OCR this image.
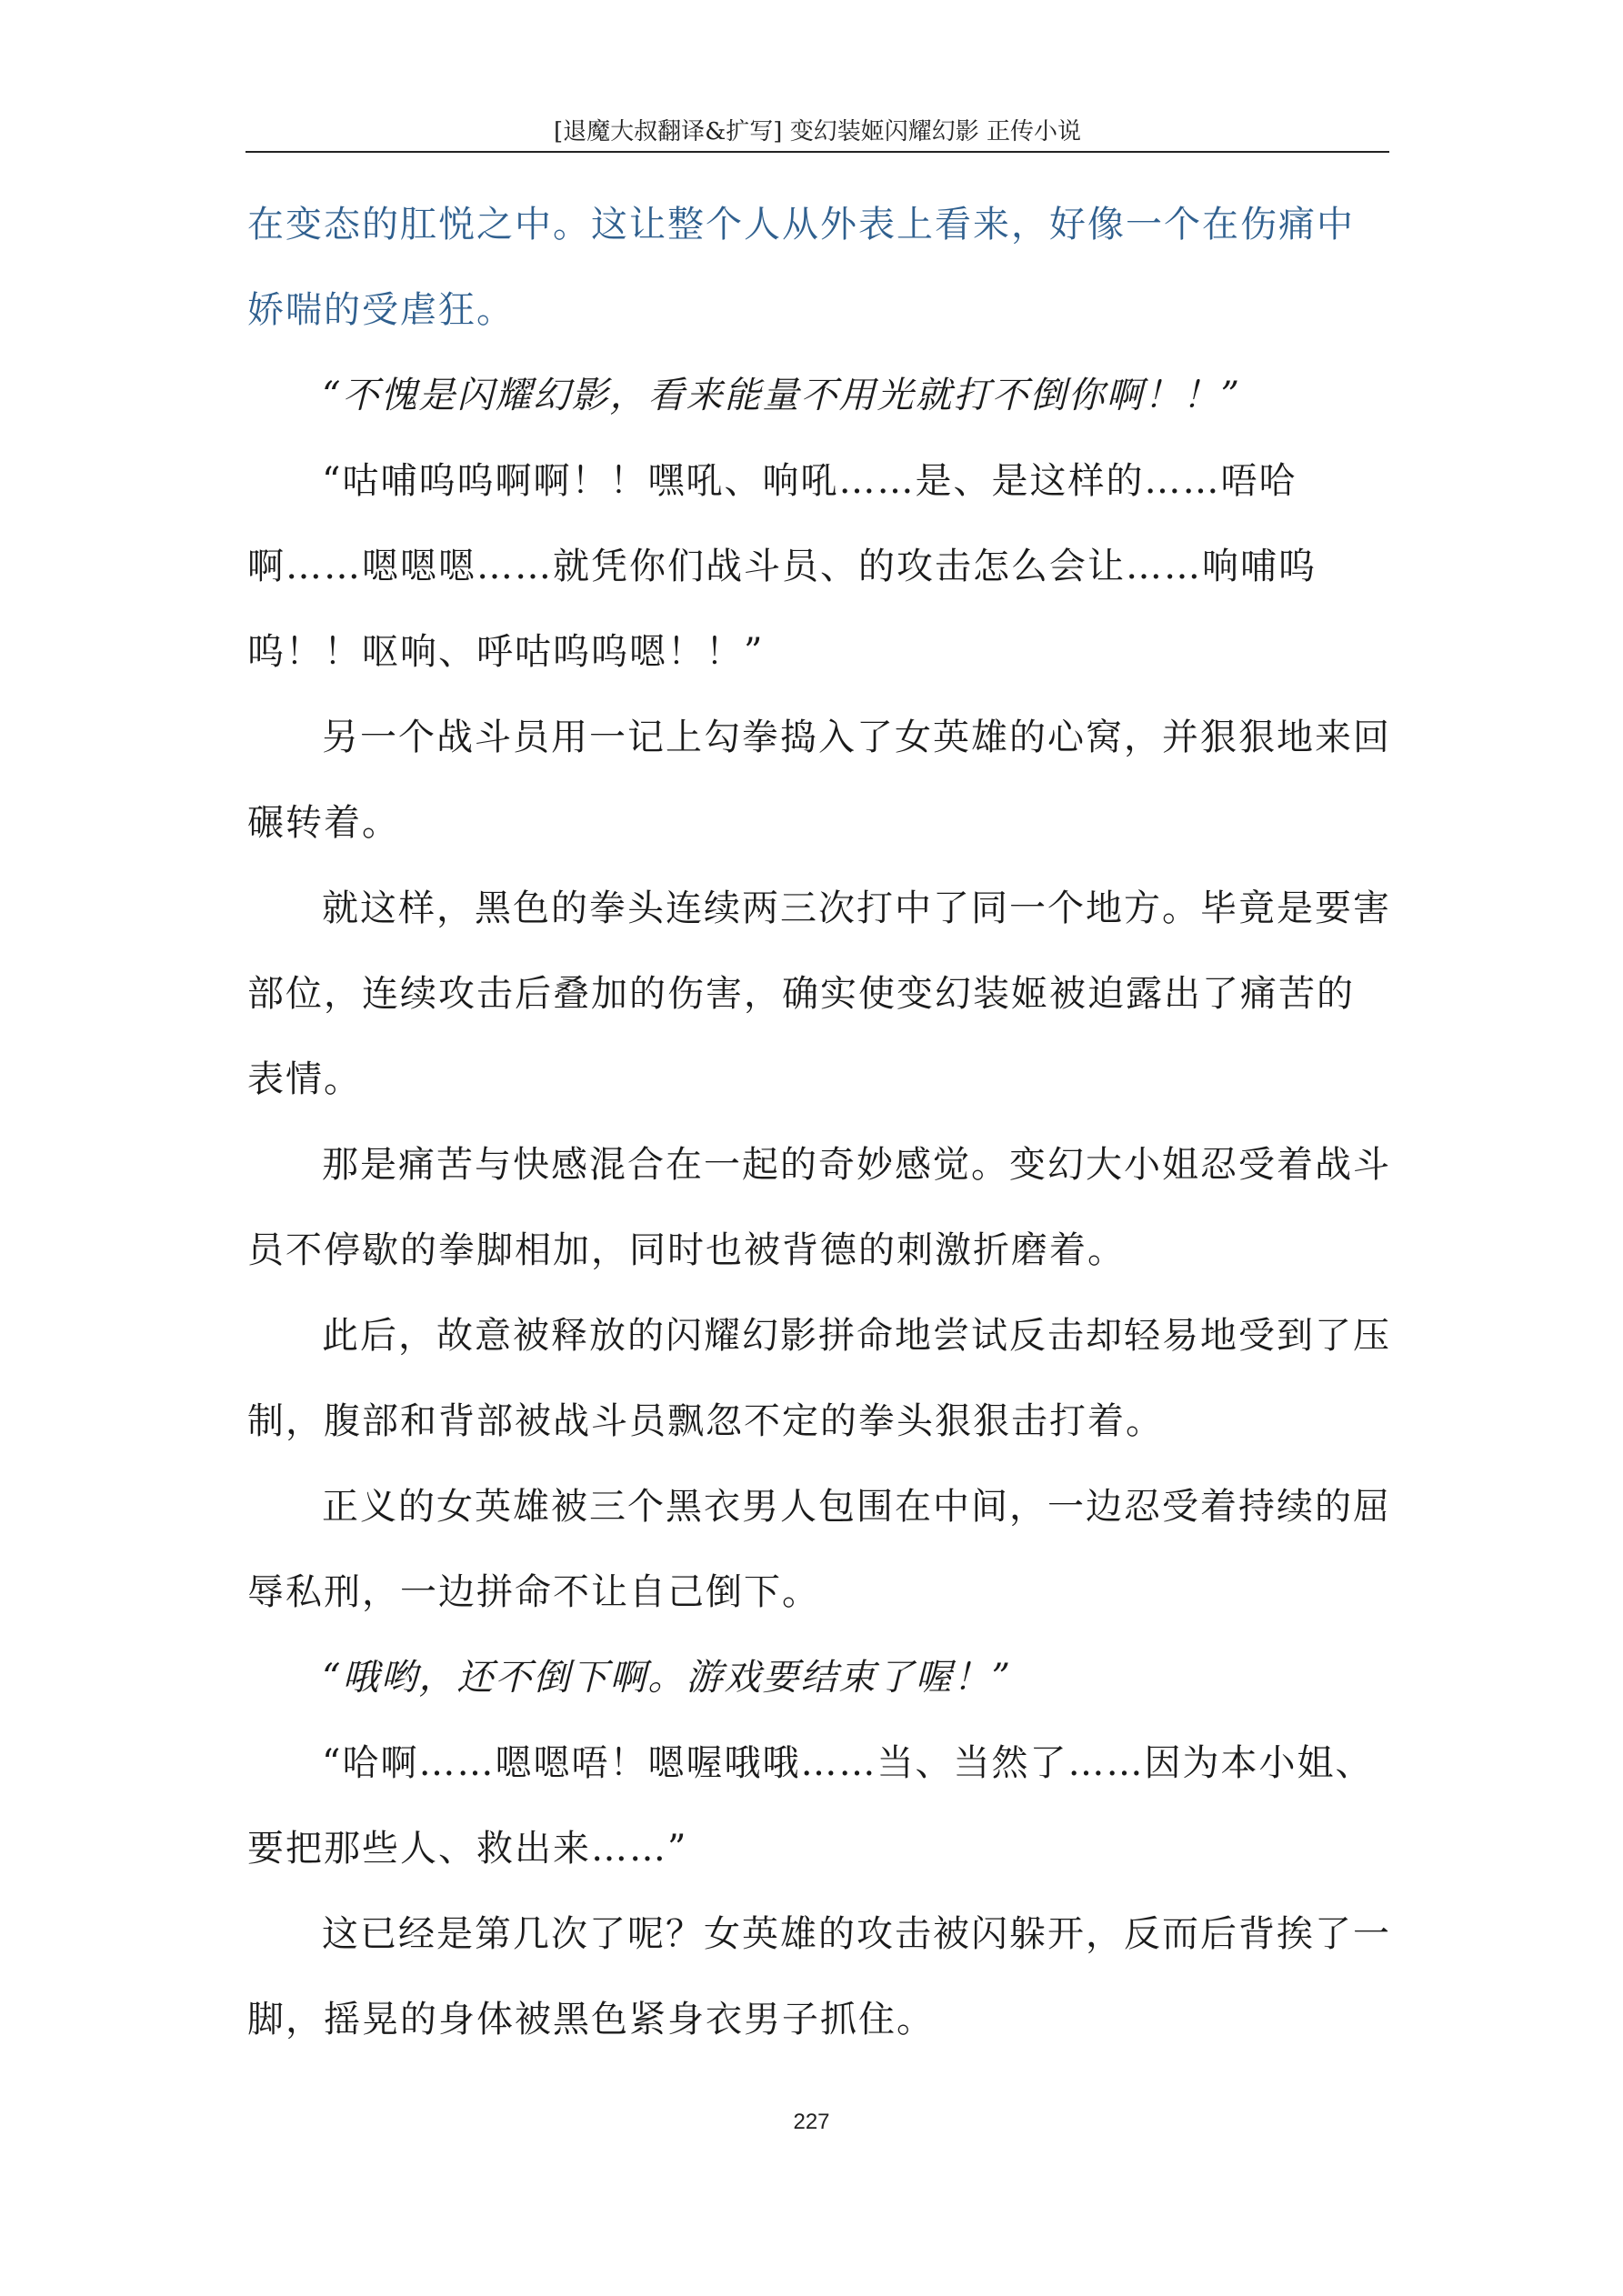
[退魔大叔翻译&扩写] 变幻装姬闪耀幻影 正传小说

在变态的肛悦之中。这让整个人从外表上看来，好像一个在伤痛中娇喘的受虐狂。

“不愧是闪耀幻影，看来能量不用光就打不倒你啊！！”

“咕哺呜呜啊啊！！嘿吼、响吼……是、是这样的……唔哈啊……嗯嗯嗯……就凭你们战斗员、的攻击怎么会让……响哺呜呜！！呕响、呼咕呜呜嗯！！”

另一个战斗员用一记上勾拳捣入了女英雄的心窝，并狠狠地来回碾转着。

就这样，黑色的拳头连续两三次打中了同一个地方。毕竟是要害部位，连续攻击后叠加的伤害，确实使变幻装姬被迫露出了痛苦的表情。

那是痛苦与快感混合在一起的奇妙感觉。变幻大小姐忍受着战斗员不停歇的拳脚相加，同时也被背德的刺激折磨着。

此后，故意被释放的闪耀幻影拼命地尝试反击却轻易地受到了压制，腹部和背部被战斗员飘忽不定的拳头狠狠击打着。

正义的女英雄被三个黑衣男人包围在中间，一边忍受着持续的屈辱私刑，一边拼命不让自己倒下。

“哦哟，还不倒下啊。游戏要结束了喔！”

“哈啊……嗯嗯唔！嗯喔哦哦……当、当然了……因为本小姐、要把那些人、救出来……”

这已经是第几次了呢？女英雄的攻击被闪躲开，反而后背挨了一脚，摇晃的身体被黑色紧身衣男子抓住。

227
